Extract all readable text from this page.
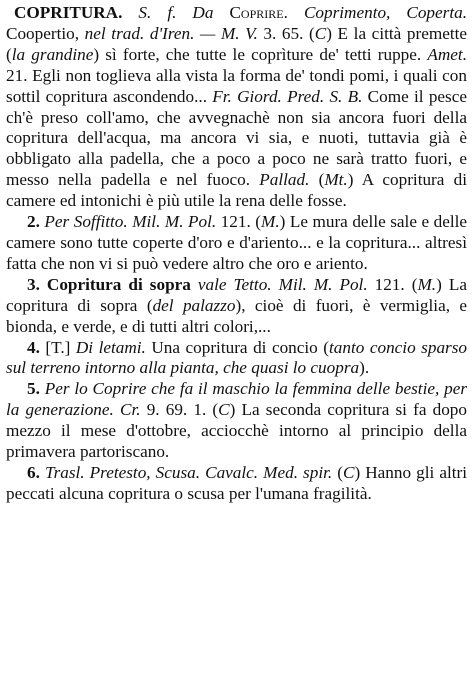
COPRITURA. S. f. Da Coprire. Coprimento, Coperta. Coopertio, nel trad. d'Iren. — M. V. 3. 65. (C) E la città premette (la grandine) sì forte, che tutte le coprìture de' tetti ruppe. Amet. 21. Egli non toglieva alla vista la forma de' tondi pomi, i quali con sottil copritura ascondendo... Fr. Giord. Pred. S. B. Come il pesce ch'è preso coll'amo, che avvegnachè non sia ancora fuori della copritura dell'acqua, ma ancora vi sia, e nuoti, tuttavia già è obbligato alla padella, che a poco a poco ne sarà tratto fuori, e messo nella padella e nel fuoco. Pallad. (Mt.) A copritura di camere ed intonichi è più utile la rena delle fosse.

2. Per Soffitto. Mil. M. Pol. 121. (M.) Le mura delle sale e delle camere sono tutte coperte d'oro e d'ariento... e la copritura... altresì fatta che non vi si può vedere altro che oro e ariento.

3. Copritura di sopra vale Tetto. Mil. M. Pol. 121. (M.) La copritura di sopra (del palazzo), cioè di fuori, è vermiglia, e bionda, e verde, e di tutti altri colori,...

4. [T.] Di letami. Una copritura di concio (tanto concio sparso sul terreno intorno alla pianta, che quasi lo cuopra).

5. Per lo Coprire che fa il maschio la femmina delle bestie, per la generazione. Cr. 9. 69. 1. (C) La seconda copritura si fa dopo mezzo il mese d'ottobre, acciocchè intorno al principio della primavera partoriscano.

6. Trasl. Pretesto, Scusa. Cavalc. Med. spir. (C) Hanno gli altri peccati alcuna copritura o scusa per l'umana fragilità.
